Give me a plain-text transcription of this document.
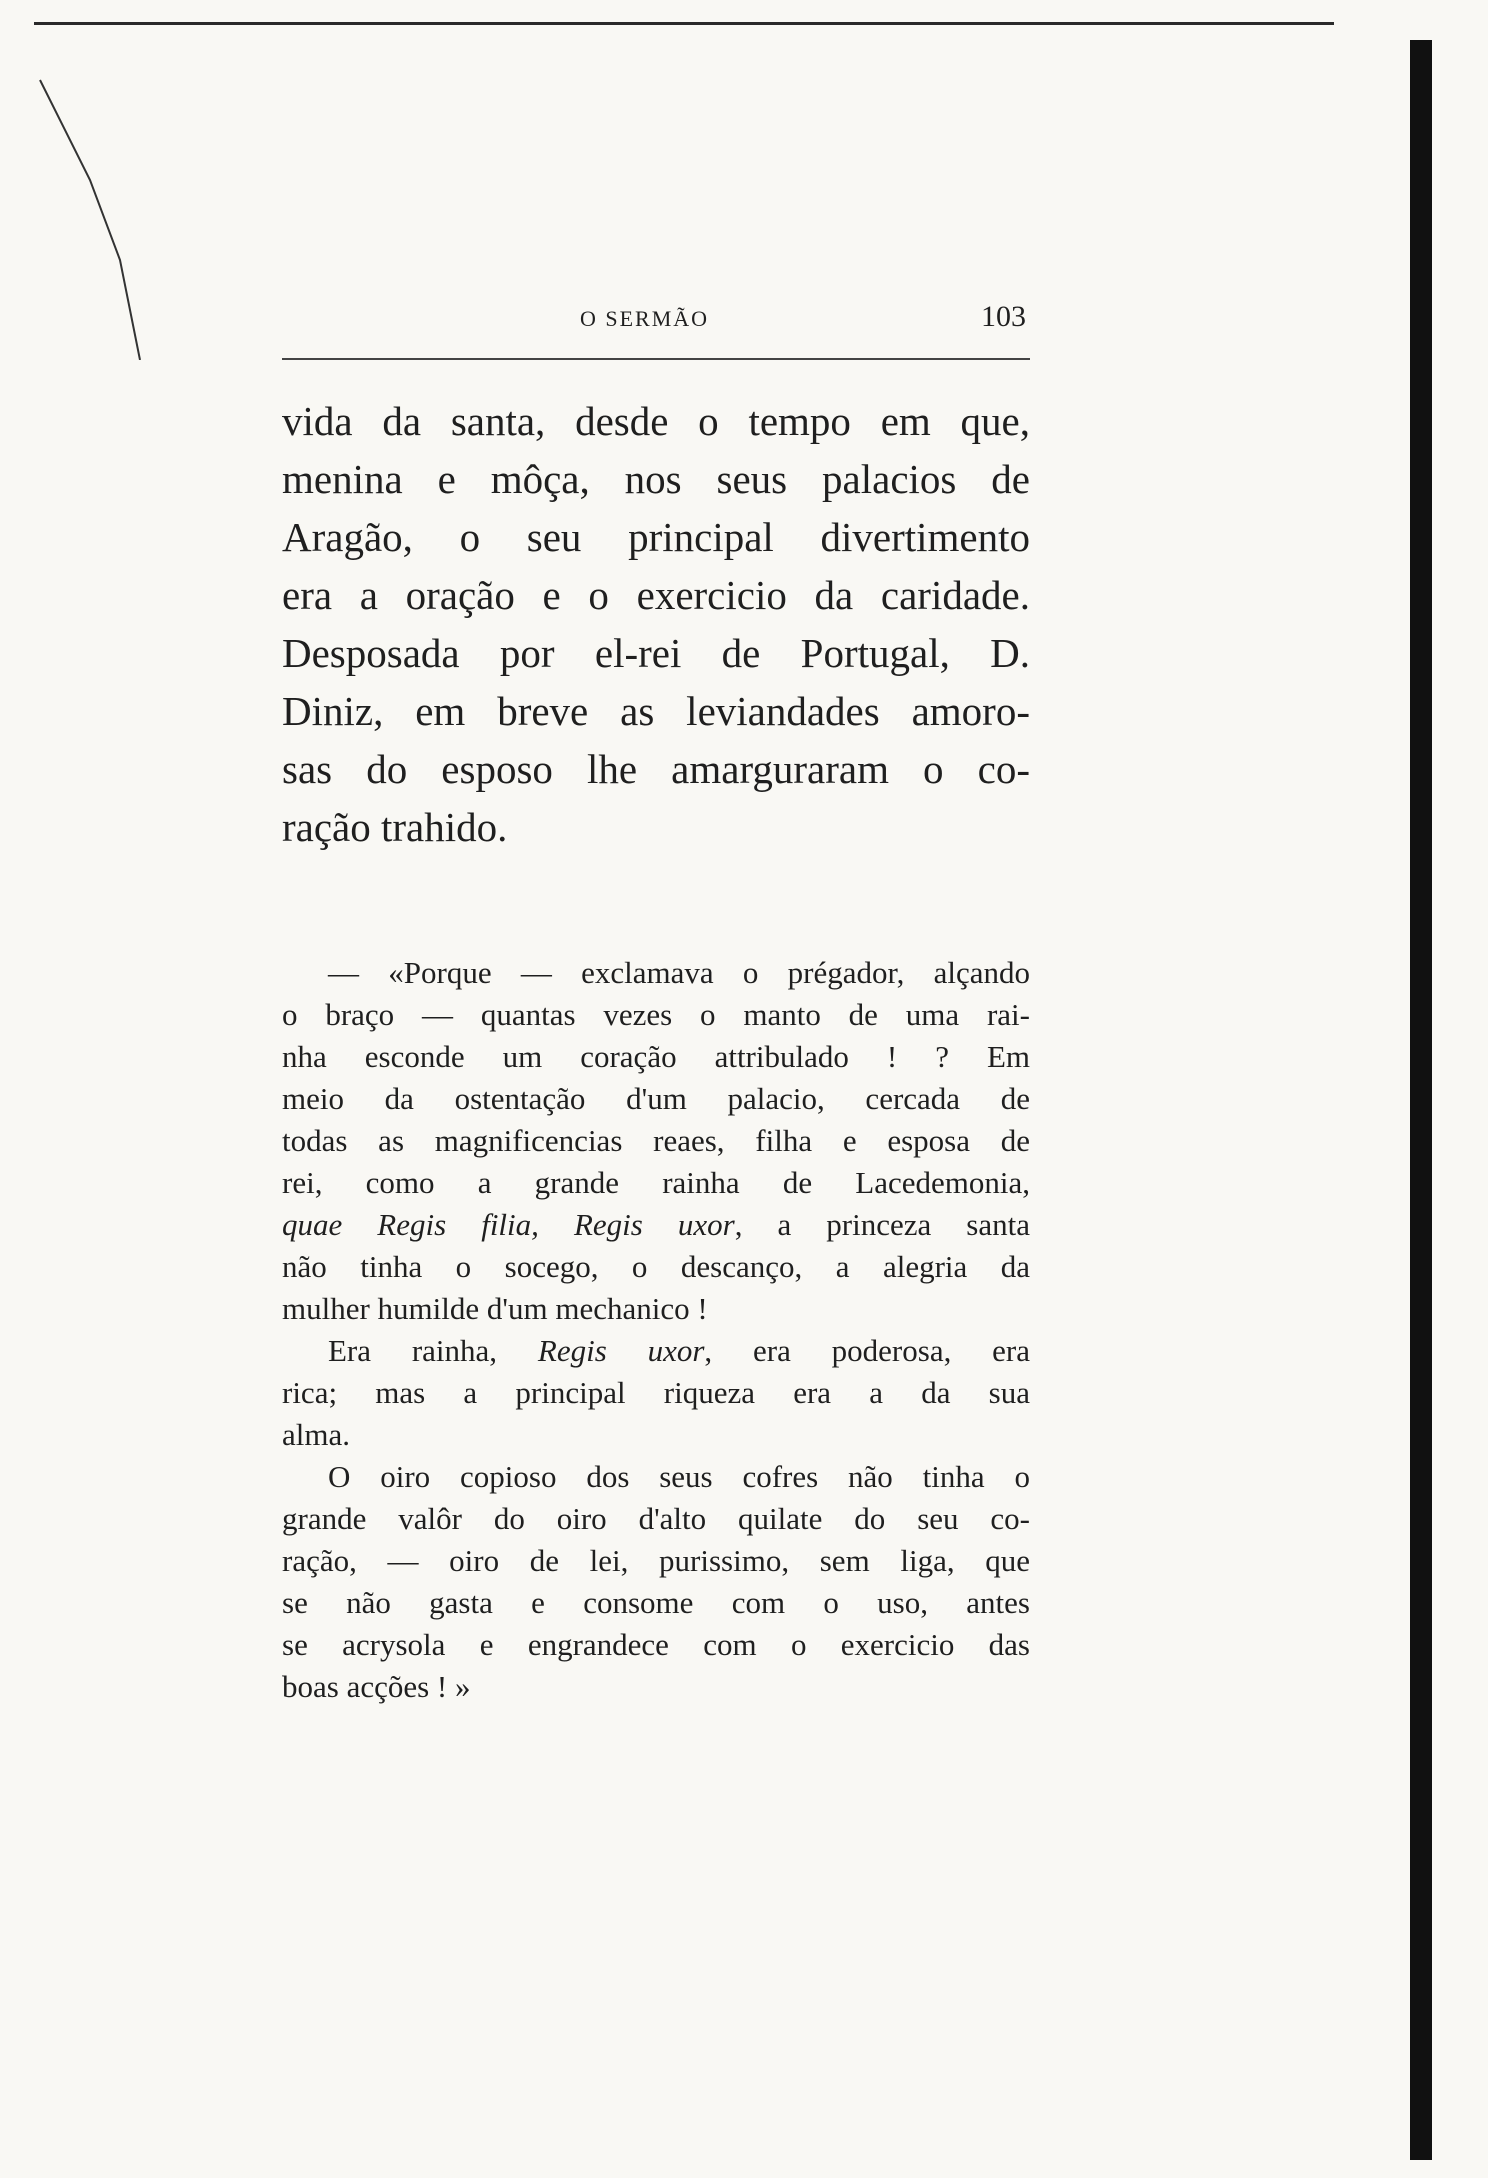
O SERMÃO	103
vida da santa, desde o tempo em que,
menina e môça, nos seus palacios de
Aragão, o seu principal divertimento
era a oração e o exercicio da caridade.
Desposada por el-rei de Portugal, D.
Diniz, em breve as leviandades amoro-
sas do esposo lhe amarguraram o co-
ração trahido.
— «Porque — exclamava o prégador, alçando
o braço — quantas vezes o manto de uma rai-
nha esconde um coração attribulado ! ? Em
meio da ostentação d'um palacio, cercada de
todas as magnificencias reaes, filha e esposa de
rei, como a grande rainha de Lacedemonia,
quae Regis filia, Regis uxor, a princeza santa
não tinha o socego, o descanço, a alegria da
mulher humilde d'um mechanico !
Era rainha, Regis uxor, era poderosa, era
rica; mas a principal riqueza era a da sua
alma.
O oiro copioso dos seus cofres não tinha o
grande valôr do oiro d'alto quilate do seu co-
ração, — oiro de lei, purissimo, sem liga, que
se não gasta e consome com o uso, antes
se acrysola e engrandece com o exercicio das
boas acções ! »
